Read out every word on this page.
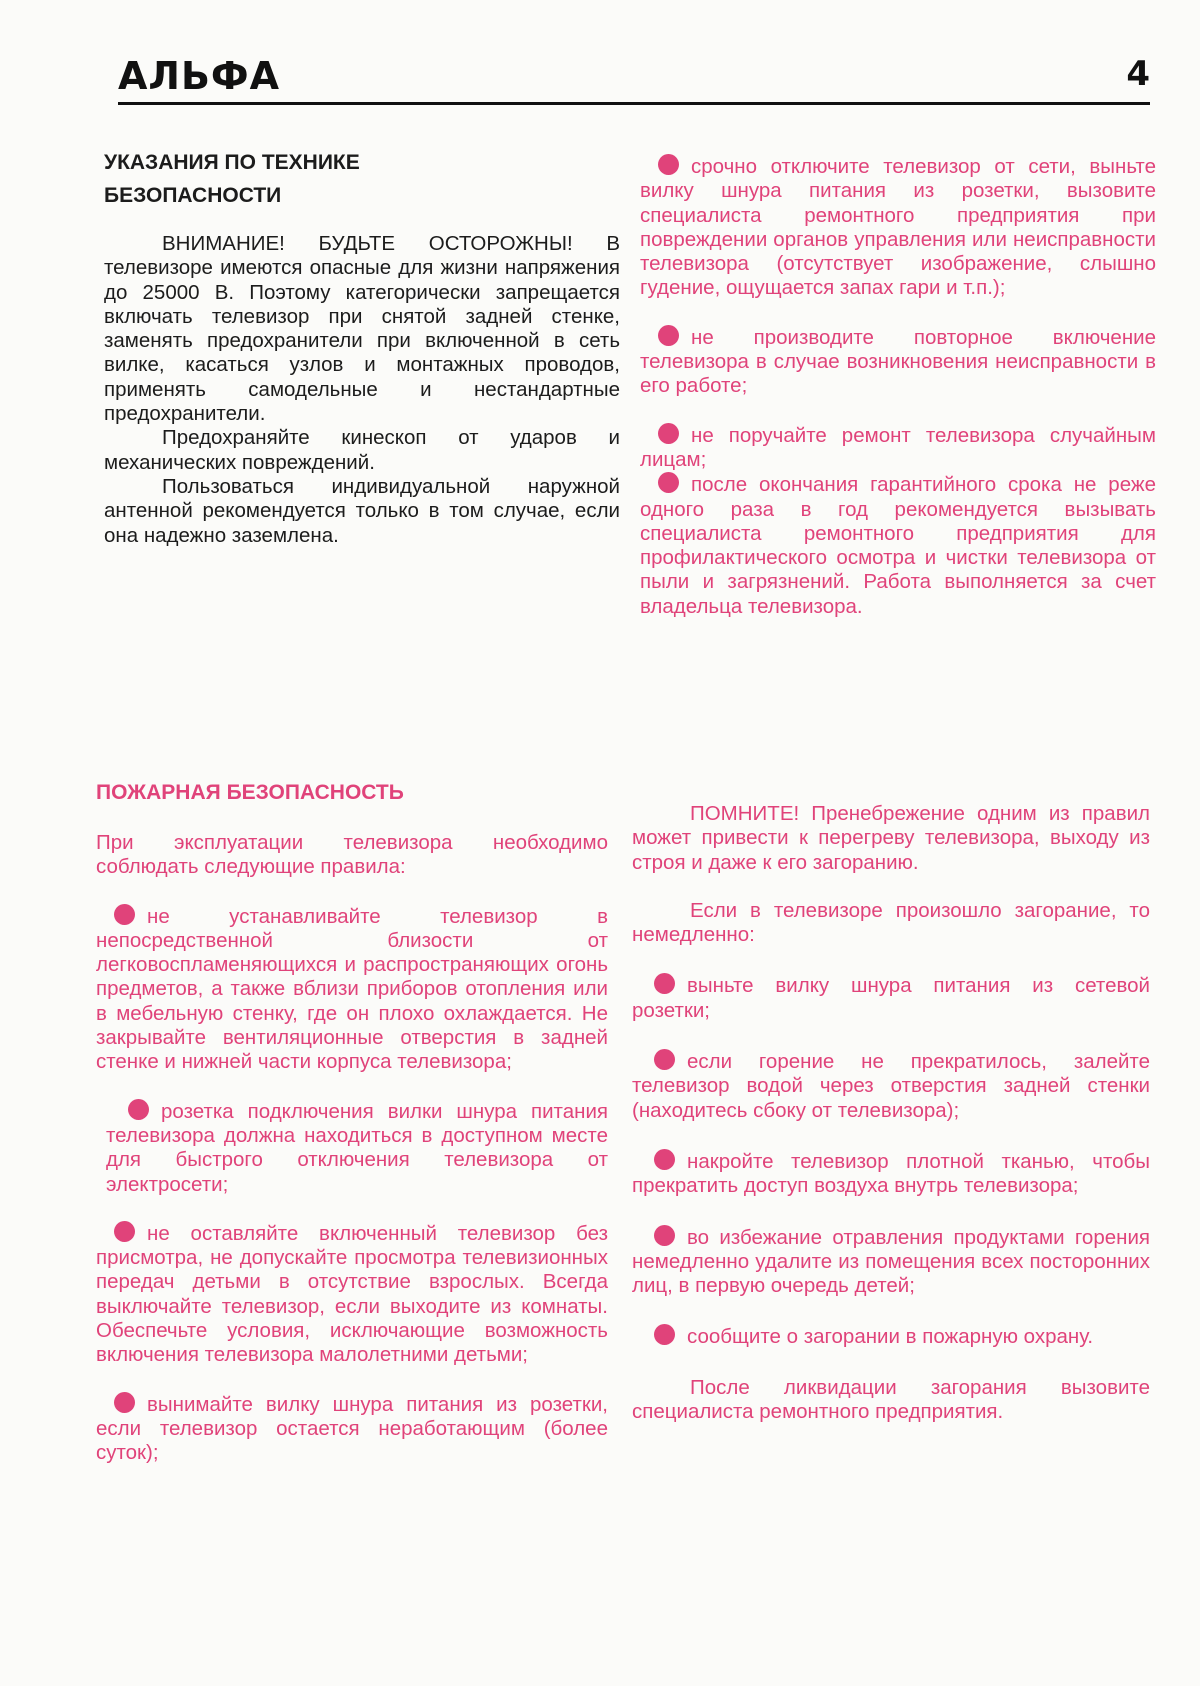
АЛЬФА	4
УКАЗАНИЯ ПО ТЕХНИКЕ
БЕЗОПАСНОСТИ

ВНИМАНИЕ! БУДЬТЕ ОСТОРОЖНЫ! В телевизоре имеются опасные для жизни напряжения до 25000 В. Поэтому категорически запрещается включать телевизор при снятой задней стенке, заменять предохранители при включенной в сеть вилке, касаться узлов и монтажных проводов, применять самодельные и нестандартные предохранители.

Предохраняйте кинескоп от ударов и механических повреждений.

Пользоваться индивидуальной наружной антенной рекомендуется только в том случае, если она надежно заземлена.

срочно отключите телевизор от сети, выньте вилку шнура питания из розетки, вызовите специалиста ремонтного предприятия при повреждении органов управления или неисправности телевизора (отсутствует изображение, слышно гудение, ощущается запах гари и т.п.);

не производите повторное включение телевизора в случае возникновения неисправности в его работе;

не поручайте ремонт телевизора случайным лицам;

после окончания гарантийного срока не реже одного раза в год рекомендуется вызывать специалиста ремонтного предприятия для профилактического осмотра и чистки телевизора от пыли и загрязнений. Работа выполняется за счет владельца телевизора.

ПОЖАРНАЯ БЕЗОПАСНОСТЬ

При эксплуатации телевизора необходимо соблюдать следующие правила:

не устанавливайте телевизор в непосредственной близости от легковоспламеняющихся и распространяющих огонь предметов, а также вблизи приборов отопления или в мебельную стенку, где он плохо охлаждается. Не закрывайте вентиляционные отверстия в задней стенке и нижней части корпуса телевизора;

розетка подключения вилки шнура питания телевизора должна находиться в доступном месте для быстрого отключения телевизора от электросети;

не оставляйте включенный телевизор без присмотра, не допускайте просмотра телевизионных передач детьми в отсутствие взрослых. Всегда выключайте телевизор, если выходите из комнаты. Обеспечьте условия, исключающие возможность включения телевизора малолетними детьми;

вынимайте вилку шнура питания из розетки, если телевизор остается неработающим (более суток);

ПОМНИТЕ! Пренебрежение одним из правил может привести к перегреву телевизора, выходу из строя и даже к его загоранию.

Если в телевизоре произошло загорание, то немедленно:

выньте вилку шнура питания из сетевой розетки;

если горение не прекратилось, залейте телевизор водой через отверстия задней стенки (находитесь сбоку от телевизора);

накройте телевизор плотной тканью, чтобы прекратить доступ воздуха внутрь телевизора;

во избежание отравления продуктами горения немедленно удалите из помещения всех посторонних лиц, в первую очередь детей;

сообщите о загорании в пожарную охрану.

После ликвидации загорания вызовите специалиста ремонтного предприятия.
